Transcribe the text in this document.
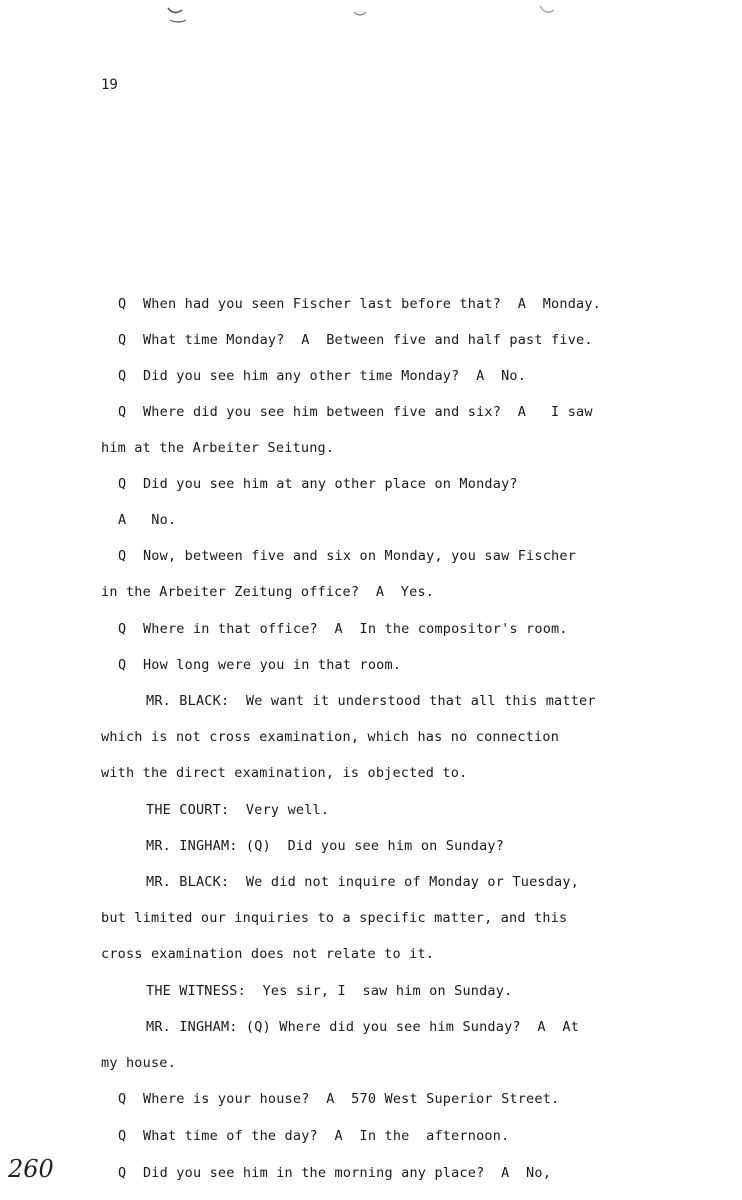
19
Q  When had you seen Fischer last before that?  A  Monday.
Q  What time Monday?  A  Between five and half past five.
Q  Did you see him any other time Monday?  A  No.
Q  Where did you see him between five and six?  A   I saw
him at the Arbeiter Seitung.
Q  Did you see him at any other place on Monday?
A   No.
Q  Now, between five and six on Monday, you saw Fischer
in the Arbeiter Zeitung office?  A  Yes.
Q  Where in that office?  A  In the compositor's room.
Q  How long were you in that room.
MR. BLACK:  We want it understood that all this matter
which is not cross examination, which has no connection
with the direct examination, is objected to.
THE COURT:  Very well.
MR. INGHAM: (Q)  Did you see him on Sunday?
MR. BLACK:  We did not inquire of Monday or Tuesday,
but limited our inquiries to a specific matter, and this
cross examination does not relate to it.
THE WITNESS:  Yes sir, I  saw him on Sunday.
MR. INGHAM: (Q) Where did you see him Sunday?  A  At
my house.
Q  Where is your house?  A  570 West Superior Street.
Q  What time of the day?  A  In the  afternoon.
Q  Did you see him in the morning any place?  A  No,
260
